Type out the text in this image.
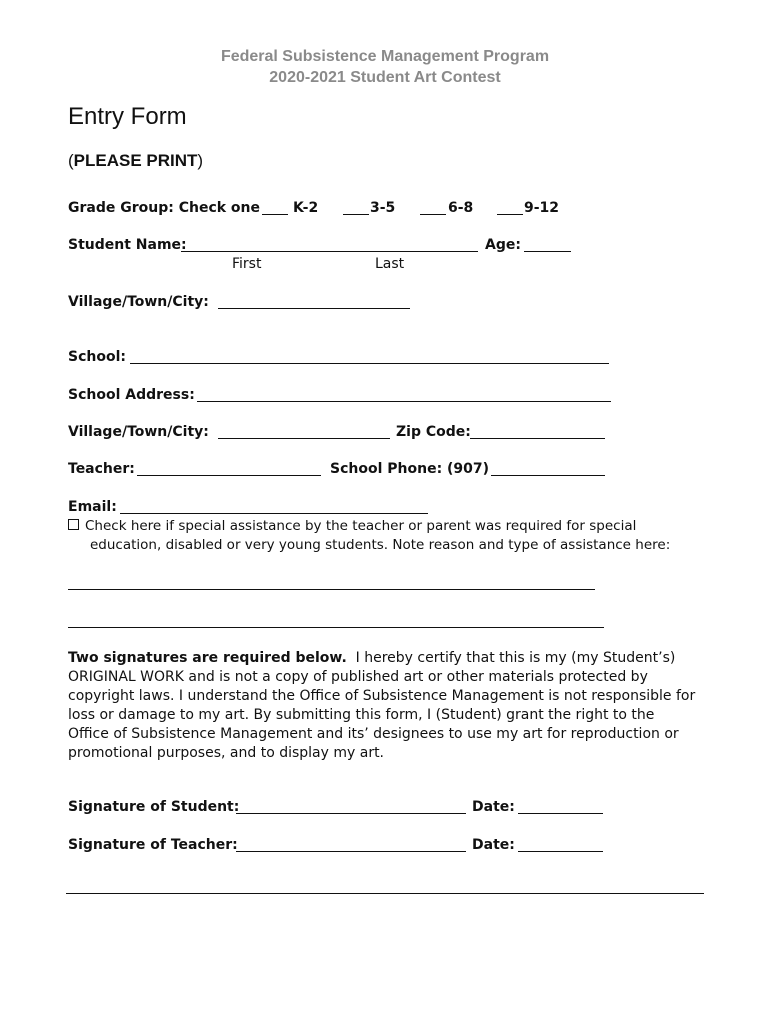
Federal Subsistence Management Program
2020-2021 Student Art Contest
Entry Form
(PLEASE PRINT)
Grade Group: Check one K-2	3-5	6-8	9-12
Student Name:	Age:
First	Last
Village/Town/City:
School:
School Address:
Village/Town/City:	Zip Code:
Teacher:	School Phone: (907)
Email:
Check here if special assistance by the teacher or parent was required for special
education, disabled or very young students. Note reason and type of assistance here:
Two signatures are required below. I hereby certify that this is my (my Student’s) ORIGINAL WORK and is not a copy of published art or other materials protected by copyright laws. I understand the Office of Subsistence Management is not responsible for loss or damage to my art. By submitting this form, I (Student) grant the right to the Office of Subsistence Management and its’ designees to use my art for reproduction or promotional purposes, and to display my art.
Signature of Student:	Date:
Signature of Teacher:	Date:
